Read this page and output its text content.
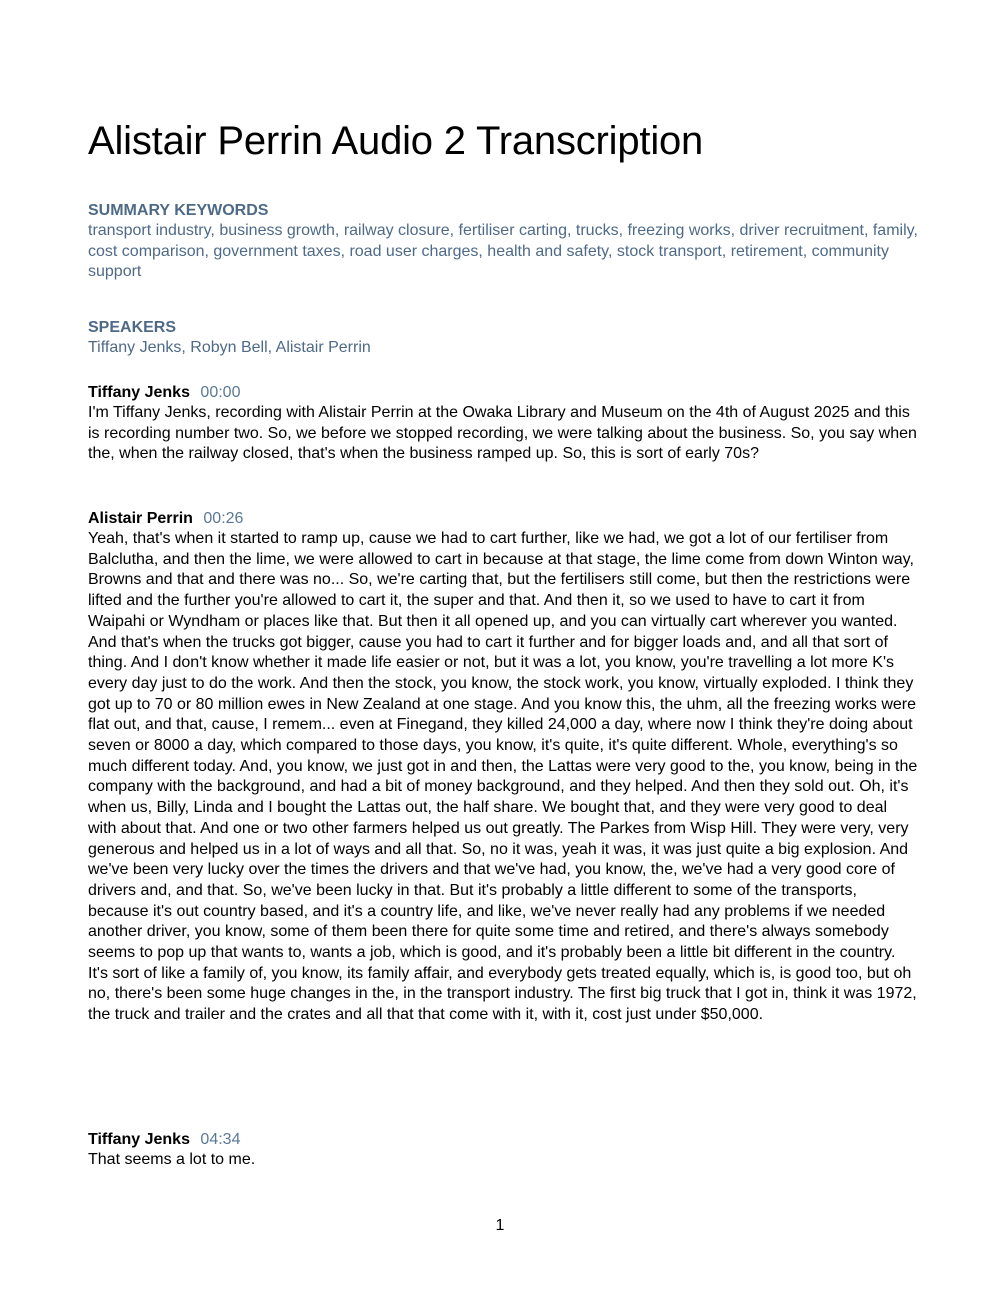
Alistair Perrin Audio 2 Transcription
SUMMARY KEYWORDS
transport industry, business growth, railway closure, fertiliser carting, trucks, freezing works, driver recruitment, family, cost comparison, government taxes, road user charges, health and safety, stock transport, retirement, community support
SPEAKERS
Tiffany Jenks, Robyn Bell, Alistair Perrin
Tiffany Jenks 00:00
I'm Tiffany Jenks, recording with Alistair Perrin at the Owaka Library and Museum on the 4th of August 2025 and this is recording number two. So, we before we stopped recording, we were talking about the business. So, you say when the, when the railway closed, that's when the business ramped up. So, this is sort of early 70s?
Alistair Perrin 00:26
Yeah, that's when it started to ramp up, cause we had to cart further, like we had, we got a lot of our fertiliser from Balclutha, and then the lime, we were allowed to cart in because at that stage, the lime come from down Winton way, Browns and that and there was no... So, we're carting that, but the fertilisers still come, but then the restrictions were lifted and the further you're allowed to cart it, the super and that. And then it, so we used to have to cart it from Waipahi or Wyndham or places like that. But then it all opened up, and you can virtually cart wherever you wanted. And that's when the trucks got bigger, cause you had to cart it further and for bigger loads and, and all that sort of thing. And I don't know whether it made life easier or not, but it was a lot, you know, you're travelling a lot more K's every day just to do the work. And then the stock, you know, the stock work, you know, virtually exploded. I think they got up to 70 or 80 million ewes in New Zealand at one stage. And you know this, the uhm, all the freezing works were flat out, and that, cause, I remem... even at Finegand, they killed 24,000 a day, where now I think they're doing about seven or 8000 a day, which compared to those days, you know, it's quite, it's quite different. Whole, everything's so much different today. And, you know, we just got in and then, the Lattas were very good to the, you know, being in the company with the background, and had a bit of money background, and they helped. And then they sold out. Oh, it's when us, Billy, Linda and I bought the Lattas out, the half share. We bought that, and they were very good to deal with about that. And one or two other farmers helped us out greatly. The Parkes from Wisp Hill. They were very, very generous and helped us in a lot of ways and all that. So, no it was, yeah it was, it was just quite a big explosion. And we've been very lucky over the times the drivers and that we've had, you know, the, we've had a very good core of drivers and, and that. So, we've been lucky in that. But it's probably a little different to some of the transports, because it's out country based, and it's a country life, and like, we've never really had any problems if we needed another driver, you know, some of them been there for quite some time and retired, and there's always somebody seems to pop up that wants to, wants a job, which is good, and it's probably been a little bit different in the country. It's sort of like a family of, you know, its family affair, and everybody gets treated equally, which is, is good too, but oh no, there's been some huge changes in the, in the transport industry. The first big truck that I got in, think it was 1972, the truck and trailer and the crates and all that that come with it, with it, cost just under $50,000.
Tiffany Jenks 04:34
That seems a lot to me.
1
